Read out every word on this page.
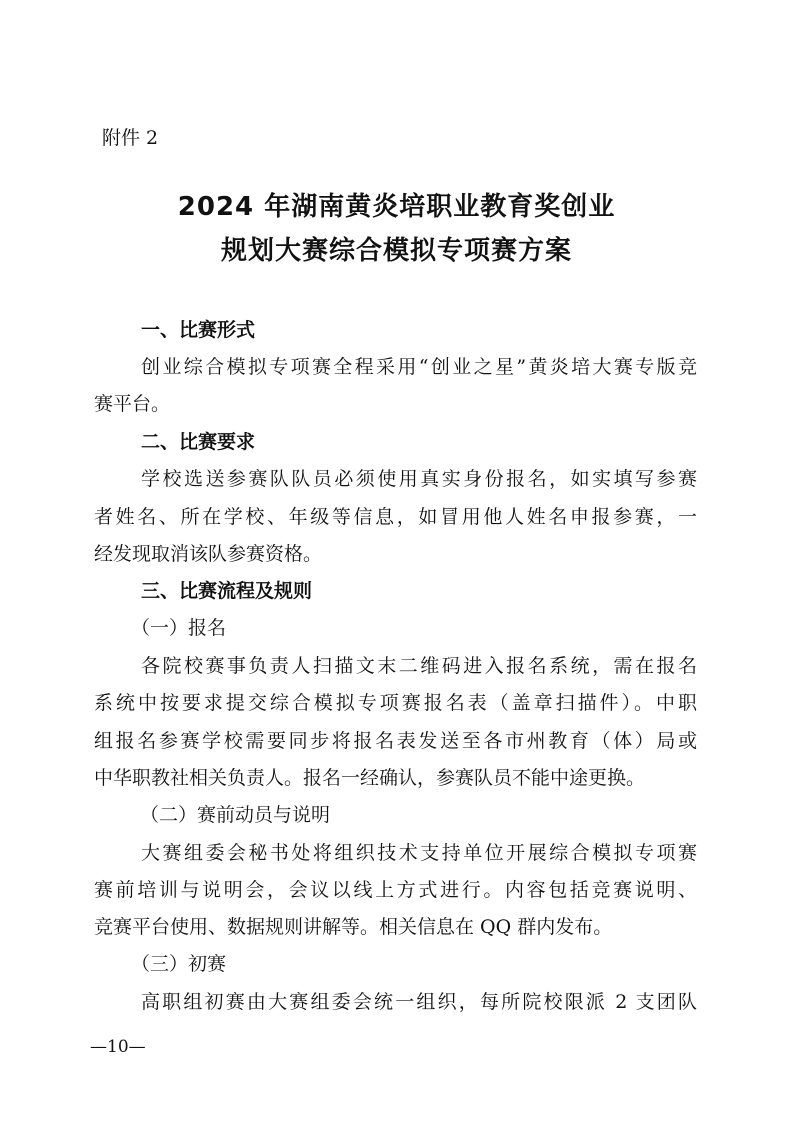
附件 2
2024 年湖南黄炎培职业教育奖创业
规划大赛综合模拟专项赛方案
一、比赛形式
创业综合模拟专项赛全程采用“创业之星”黄炎培大赛专版竞
赛平台。
二、比赛要求
学校选送参赛队队员必须使用真实身份报名，如实填写参赛
者姓名、所在学校、年级等信息，如冒用他人姓名申报参赛，一
经发现取消该队参赛资格。
三、比赛流程及规则
（一）报名
各院校赛事负责人扫描文末二维码进入报名系统，需在报名
系统中按要求提交综合模拟专项赛报名表（盖章扫描件）。中职
组报名参赛学校需要同步将报名表发送至各市州教育（体）局或
中华职教社相关负责人。报名一经确认，参赛队员不能中途更换。
（二）赛前动员与说明
大赛组委会秘书处将组织技术支持单位开展综合模拟专项赛
赛前培训与说明会，会议以线上方式进行。内容包括竞赛说明、
竞赛平台使用、数据规则讲解等。相关信息在 QQ 群内发布。
（三）初赛
高职组初赛由大赛组委会统一组织，每所院校限派 2 支团队
—10—
